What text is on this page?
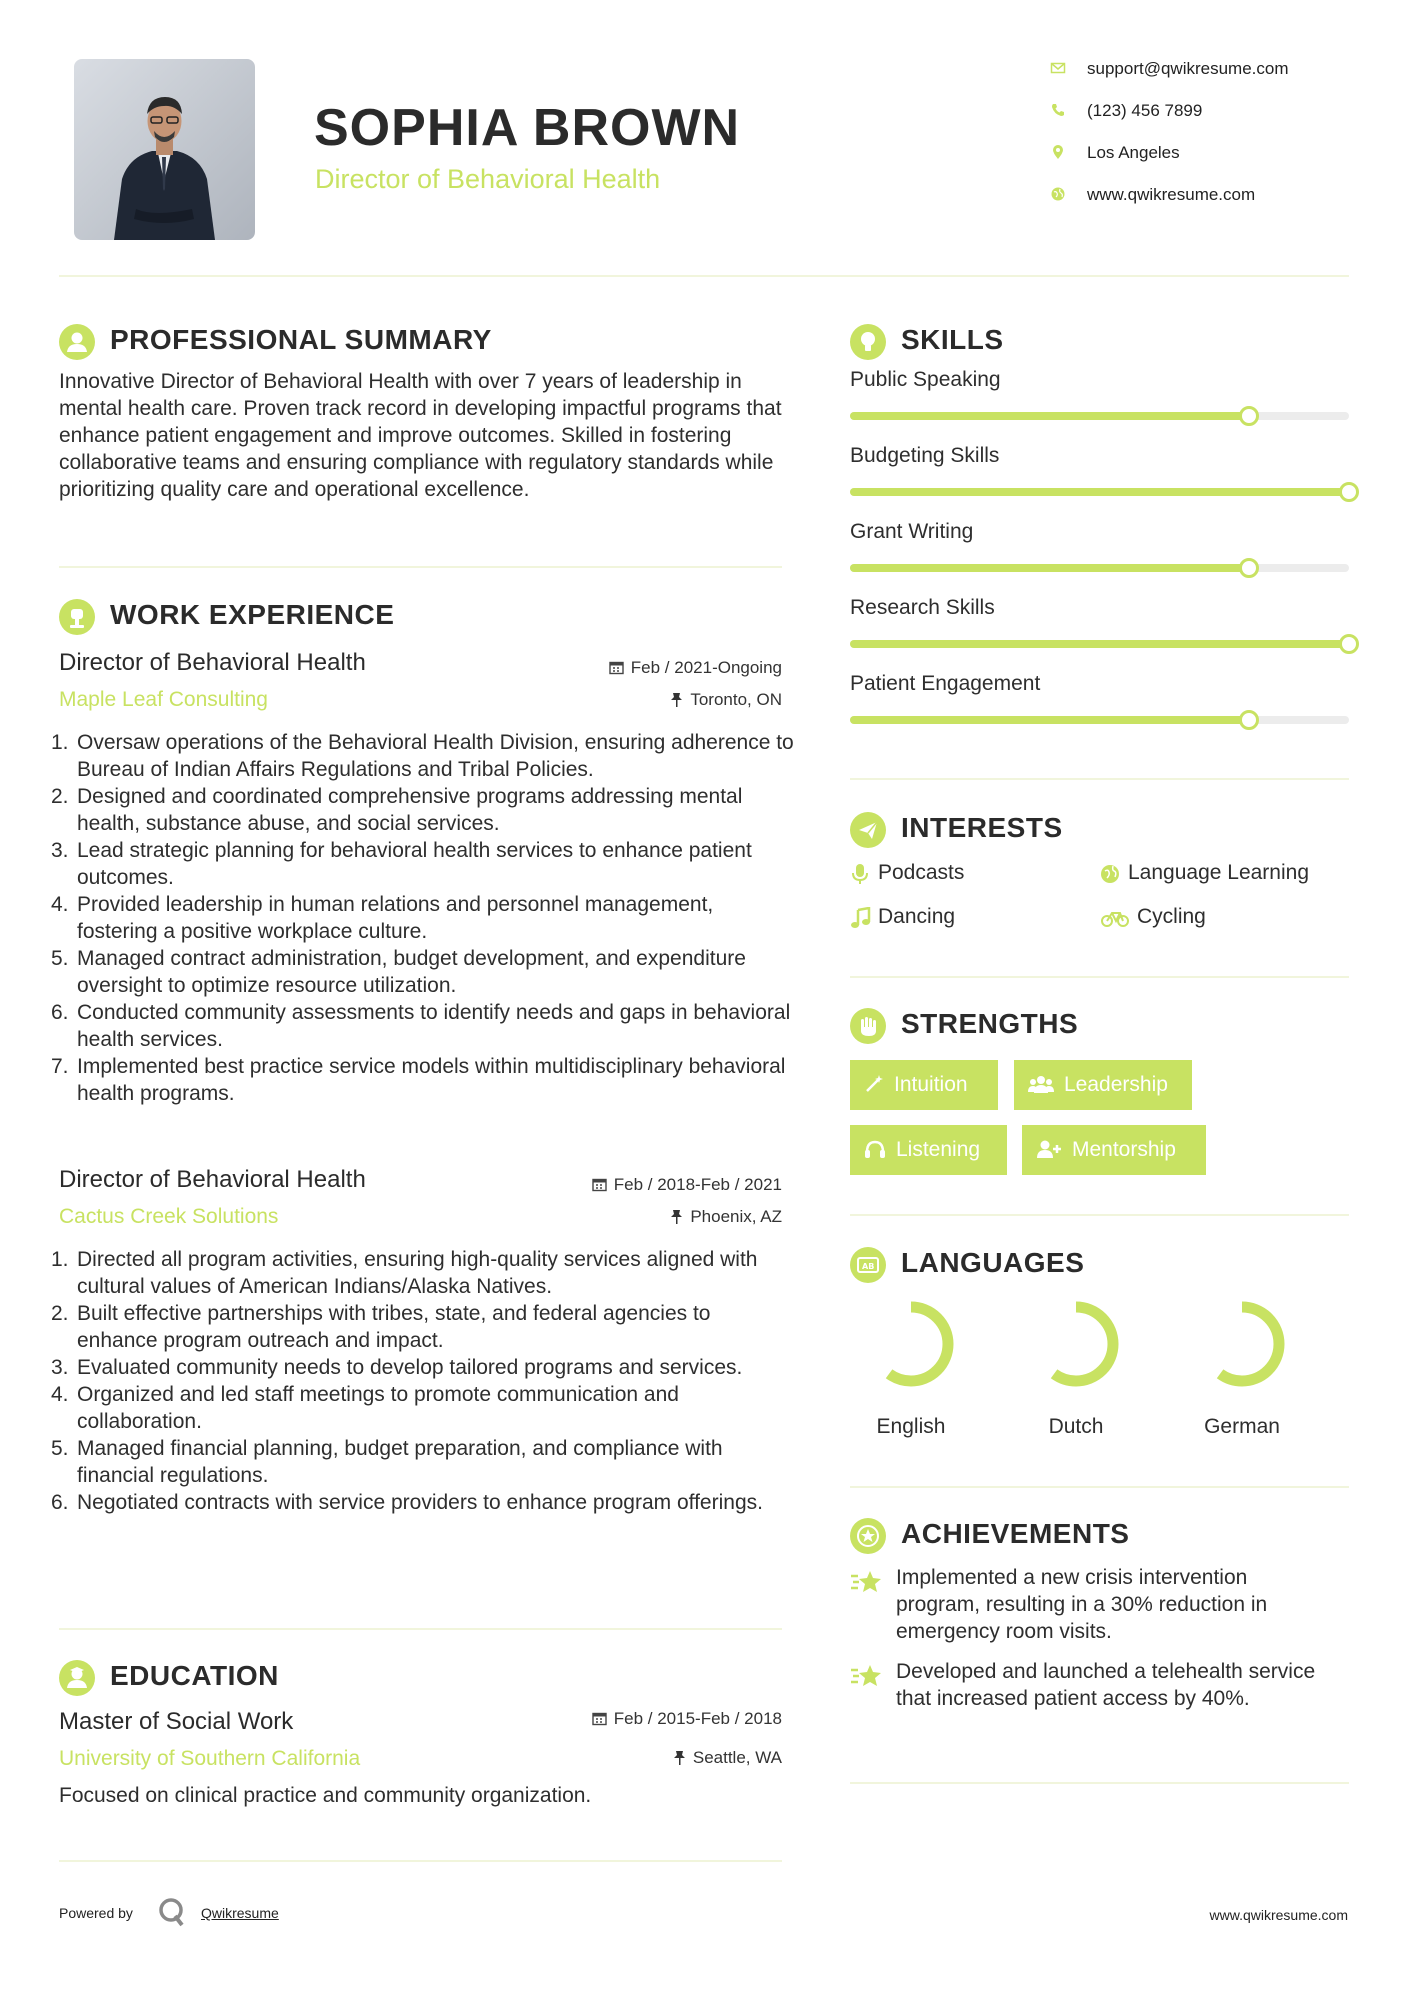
SOPHIA BROWN
Director of Behavioral Health
support@qwikresume.com
(123) 456 7899
Los Angeles
www.qwikresume.com
PROFESSIONAL SUMMARY
Innovative Director of Behavioral Health with over 7 years of leadership in mental health care. Proven track record in developing impactful programs that enhance patient engagement and improve outcomes. Skilled in fostering collaborative teams and ensuring compliance with regulatory standards while prioritizing quality care and operational excellence.
WORK EXPERIENCE
Director of Behavioral Health	Feb / 2021-Ongoing
Maple Leaf Consulting	Toronto, ON
1. Oversaw operations of the Behavioral Health Division, ensuring adherence to Bureau of Indian Affairs Regulations and Tribal Policies.
2. Designed and coordinated comprehensive programs addressing mental health, substance abuse, and social services.
3. Lead strategic planning for behavioral health services to enhance patient outcomes.
4. Provided leadership in human relations and personnel management, fostering a positive workplace culture.
5. Managed contract administration, budget development, and expenditure oversight to optimize resource utilization.
6. Conducted community assessments to identify needs and gaps in behavioral health services.
7. Implemented best practice service models within multidisciplinary behavioral health programs.
Director of Behavioral Health	Feb / 2018-Feb / 2021
Cactus Creek Solutions	Phoenix, AZ
1. Directed all program activities, ensuring high-quality services aligned with cultural values of American Indians/Alaska Natives.
2. Built effective partnerships with tribes, state, and federal agencies to enhance program outreach and impact.
3. Evaluated community needs to develop tailored programs and services.
4. Organized and led staff meetings to promote communication and collaboration.
5. Managed financial planning, budget preparation, and compliance with financial regulations.
6. Negotiated contracts with service providers to enhance program offerings.
EDUCATION
Master of Social Work	Feb / 2015-Feb / 2018
University of Southern California	Seattle, WA
Focused on clinical practice and community organization.
SKILLS
Public Speaking
Budgeting Skills
Grant Writing
Research Skills
Patient Engagement
INTERESTS
Podcasts	Language Learning
Dancing	Cycling
STRENGTHS
Intuition	Leadership
Listening	Mentorship
AB LANGUAGES
English	Dutch	German
ACHIEVEMENTS
Implemented a new crisis intervention program, resulting in a 30% reduction in emergency room visits.
Developed and launched a telehealth service that increased patient access by 40%.
Powered by	Qwikresume	www.qwikresume.com
